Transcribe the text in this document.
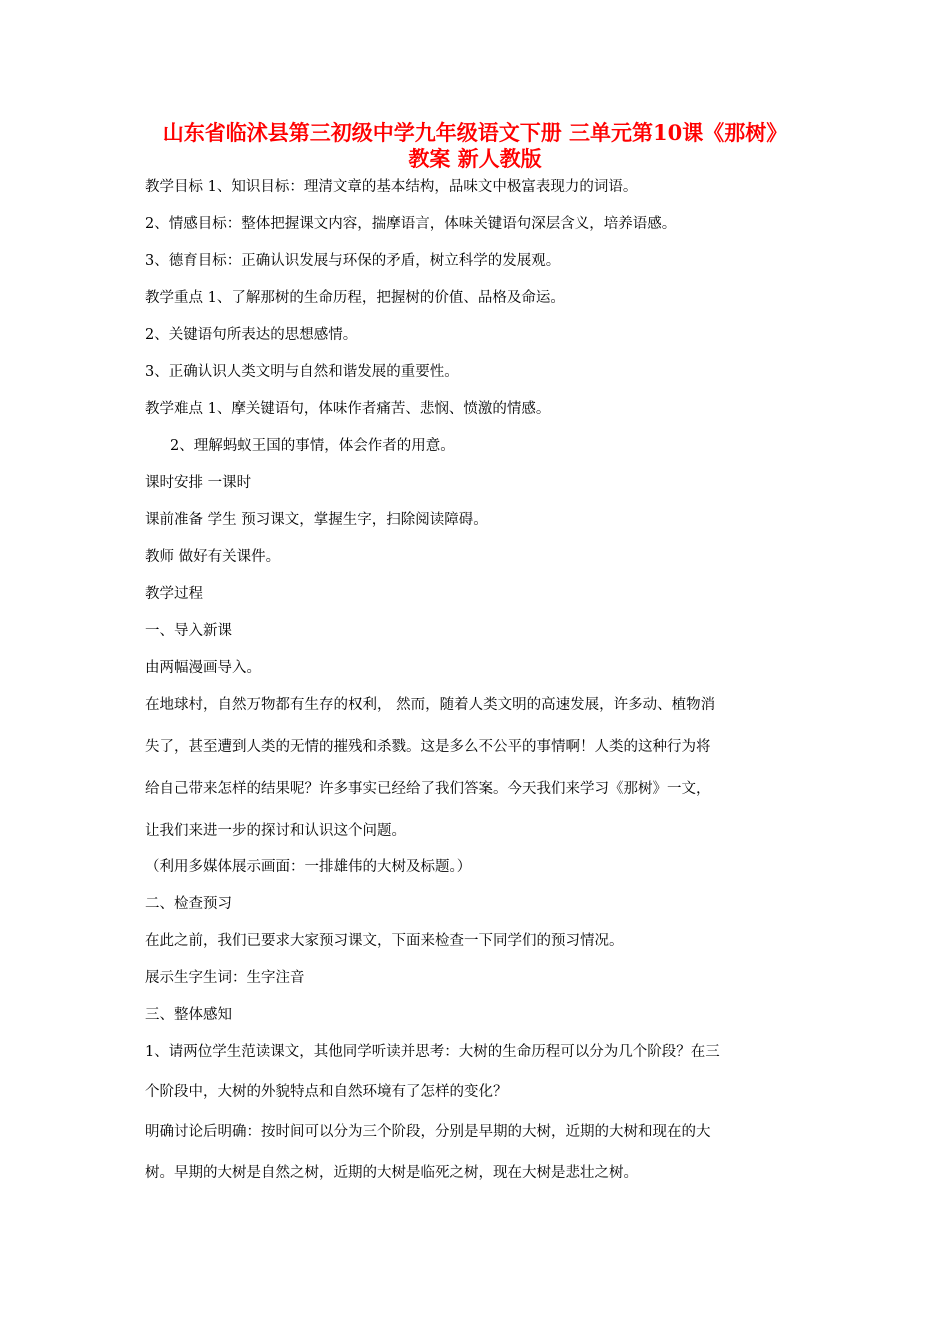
山东省临沭县第三初级中学九年级语文下册 三单元第10课《那树》
教案 新人教版
教学目标 1、知识目标：理清文章的基本结构，品味文中极富表现力的词语。
2、情感目标：整体把握课文内容，揣摩语言，体味关键语句深层含义，培养语感。
3、德育目标：正确认识发展与环保的矛盾，树立科学的发展观。
教学重点 1、了解那树的生命历程，把握树的价值、品格及命运。
2、关键语句所表达的思想感情。
3、正确认识人类文明与自然和谐发展的重要性。
教学难点 1、摩关键语句，体味作者痛苦、悲悯、愤激的情感。
2、理解蚂蚁王国的事情，体会作者的用意。
课时安排 一课时
课前准备 学生 预习课文，掌握生字，扫除阅读障碍。
教师 做好有关课件。
教学过程
一、导入新课
由两幅漫画导入。
在地球村，自然万物都有生存的权利， 然而，随着人类文明的高速发展，许多动、植物消
失了，甚至遭到人类的无情的摧残和杀戮。这是多么不公平的事情啊！人类的这种行为将
给自己带来怎样的结果呢？许多事实已经给了我们答案。今天我们来学习《那树》一文，
让我们来进一步的探讨和认识这个问题。
（利用多媒体展示画面：一排雄伟的大树及标题。）
二、检查预习
在此之前，我们已要求大家预习课文，下面来检查一下同学们的预习情况。
展示生字生词：生字注音
三、整体感知
1、请两位学生范读课文，其他同学听读并思考：大树的生命历程可以分为几个阶段？在三
个阶段中，大树的外貌特点和自然环境有了怎样的变化？
明确讨论后明确：按时间可以分为三个阶段，分别是早期的大树，近期的大树和现在的大
树。早期的大树是自然之树，近期的大树是临死之树，现在大树是悲壮之树。
